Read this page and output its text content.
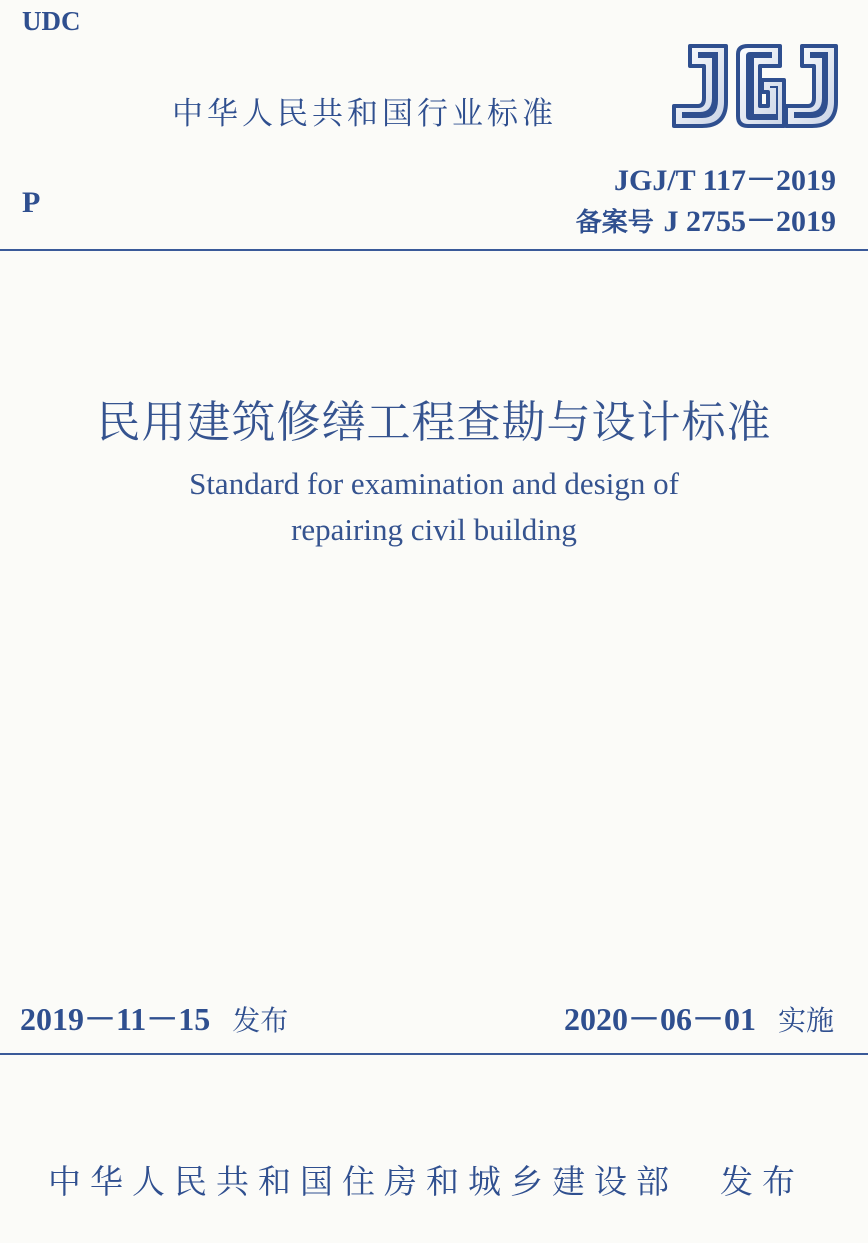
UDC
中华人民共和国行业标准	JGJ
P
JGJ/T 117－2019
备案号 J 2755－2019
民用建筑修缮工程查勘与设计标准
Standard for examination and design of
repairing civil building
2019－11－15 发布	2020－06－01 实施
中华人民共和国住房和城乡建设部 发布
